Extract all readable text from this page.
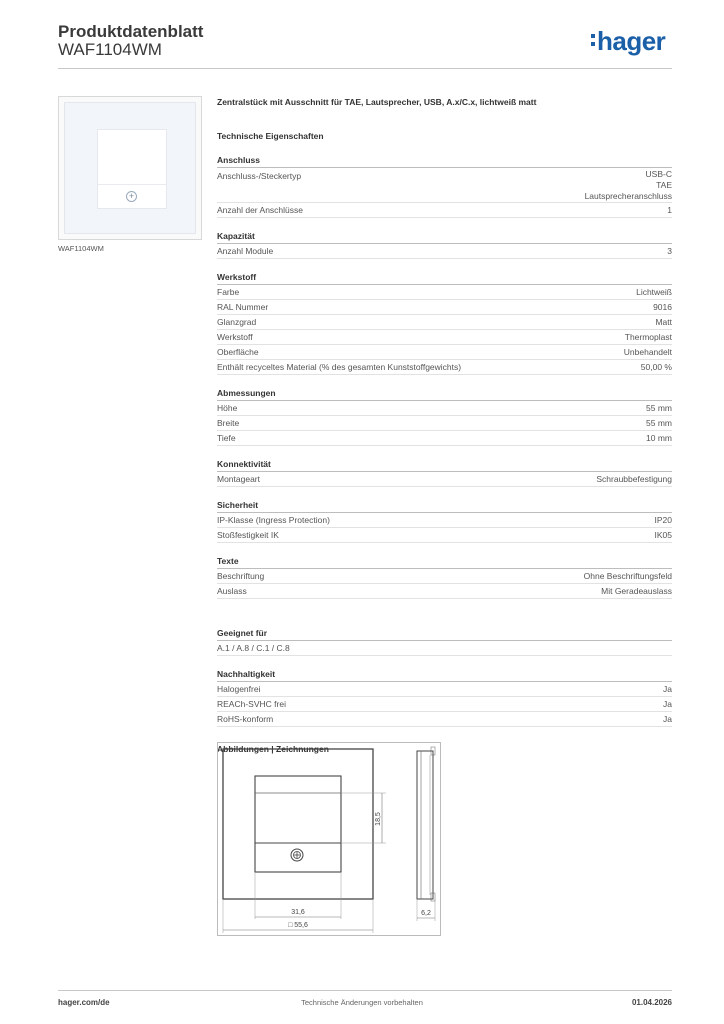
Produktdatenblatt
WAF1104WM	hager
+
WAF1104WM
Zentralstück mit Ausschnitt für TAE, Lautsprecher, USB, A.x/C.x, lichtweiß matt
Technische Eigenschaften
Anschluss
Anschluss-/Steckertyp	USB-C
TAE
Lautsprecheranschluss
Anzahl der Anschlüsse	1
Kapazität
Anzahl Module	3
Werkstoff
Farbe	Lichtweiß
RAL Nummer	9016
Glanzgrad	Matt
Werkstoff	Thermoplast
Oberfläche	Unbehandelt
Enthält recyceltes Material (% des gesamten Kunststoffgewichts)	50,00 %
Abmessungen
Höhe	55 mm
Breite	55 mm
Tiefe	10 mm
Konnektivität
Montageart	Schraubbefestigung
Sicherheit
IP-Klasse (Ingress Protection)	IP20
Stoßfestigkeit IK	IK05
Texte
Beschriftung	Ohne Beschriftungsfeld
Auslass	Mit Geradeauslass
Geeignet für
A.1 / A.8 / C.1 / C.8
Nachhaltigkeit
Halogenfrei	Ja
REACh-SVHC frei	Ja
RoHS-konform	Ja
Abbildungen | Zeichnungen
18,5
31,6
□ 55,6
6,2
hager.com/de	Technische Änderungen vorbehalten	01.04.2026
